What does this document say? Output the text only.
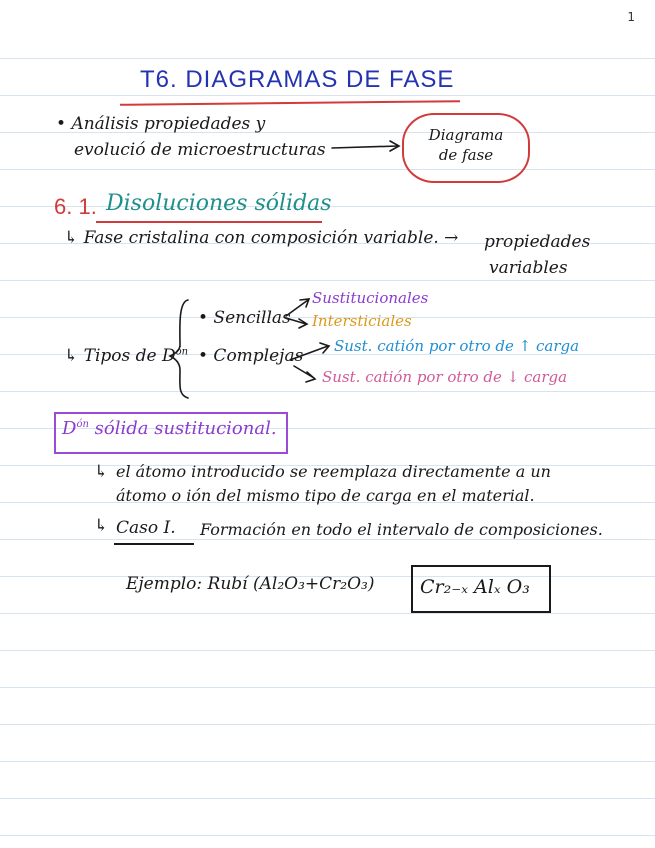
1
T6. DIAGRAMAS DE FASE
• Análisis propiedades y
evolució de microestructuras
Diagrama
de fase
6. 1. Disoluciones sólidas
↳ Fase cristalina con composición variable. → propiedades
variables
↳ Tipos de $D^{ón}$
• Sencillas
Sustitucionales
Intersticiales
• Complejas Sust. catión por otro de ↑ carga
Sust. catión por otro de ↓ carga
$D^{ón}$ sólida sustitucional.
↳ el átomo introducido se reemplaza directamente a un
átomo o ión del mismo tipo de carga en el material.
↳ Caso I. Formación en todo el intervalo de composiciones.
Ejemplo: Rubí (Al₂O₃+Cr₂O₃) Cr₂₋ₓ Alₓ O₃
